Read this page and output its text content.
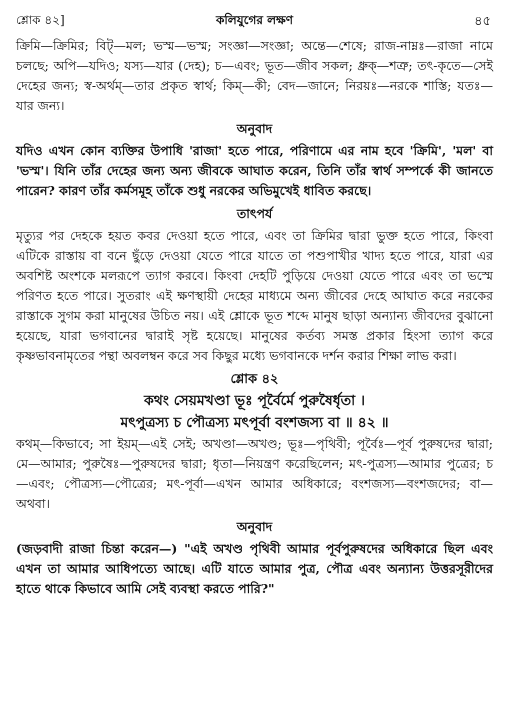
শ্লোক ৪২]	কলিযুগের লক্ষণ	৪৫

ক্রিমি—ক্রিমির; বিট্—মল; ভস্ম—ভস্ম; সংজ্ঞা—সংজ্ঞা; অন্তে—শেষে; রাজ-নাম্নঃ—রাজা নামে চলছে; অপি—যদিও; যস্য—যার (দেহ); চ—এবং; ভূত—জীব সকল; ধ্রুক্—শত্রু; তৎ-কৃতে—সেই দেহের জন্য; স্ব-অর্থম্—তার প্রকৃত স্বার্থ; কিম্—কী; বেদ—জানে; নিরয়ঃ—নরকে শাস্তি; যতঃ—যার জন্য।

অনুবাদ

যদিও এখন কোন ব্যক্তির উপাধি 'রাজা' হতে পারে, পরিণামে এর নাম হবে 'ক্রিমি', 'মল' বা 'ভস্ম'। যিনি তাঁর দেহের জন্য অন্য জীবকে আঘাত করেন, তিনি তাঁর স্বার্থ সম্পর্কে কী জানতে পারেন? কারণ তাঁর কর্মসমূহ তাঁকে শুধু নরকের অভিমুখেই ধাবিত করছে।

তাৎপর্য

মৃত্যুর পর দেহকে হয়ত কবর দেওয়া হতে পারে, এবং তা ক্রিমির দ্বারা ভুক্ত হতে পারে, কিংবা এটিকে রাস্তায় বা বনে ছুঁড়ে দেওয়া যেতে পারে যাতে তা পশুপাখীর খাদ্য হতে পারে, যারা এর অবশিষ্ট অংশকে মলরূপে ত্যাগ করবে। কিংবা দেহটি পুড়িয়ে দেওয়া যেতে পারে এবং তা ভস্মে পরিণত হতে পারে। সুতরাং এই ক্ষণস্থায়ী দেহের মাধ্যমে অন্য জীবের দেহে আঘাত করে নরকের রাস্তাকে সুগম করা মানুষের উচিত নয়। এই শ্লোকে ভূত শব্দে মানুষ ছাড়া অন্যান্য জীবদের বুঝানো হয়েছে, যারা ভগবানের দ্বারাই সৃষ্ট হয়েছে। মানুষের কর্তব্য সমস্ত প্রকার হিংসা ত্যাগ করে কৃষ্ণভাবনামৃতের পন্থা অবলম্বন করে সব কিছুর মধ্যে ভগবানকে দর্শন করার শিক্ষা লাভ করা।

শ্লোক ৪২

কথং সেয়মখণ্ডা ভূঃ পূর্বৈর্মে পুরুষৈর্ধৃতা ।

মৎপুত্রস্য চ পৌত্রস্য মৎপূর্বা বংশজস্য বা ॥ ৪২ ॥

কথম্—কিভাবে; সা ইয়ম্—এই সেই; অখণ্ডা—অখণ্ড; ভূঃ—পৃথিবী; পূর্বৈঃ—পূর্ব পুরুষদের দ্বারা; মে—আমার; পুরুষৈঃ—পুরুষদের দ্বারা; ধৃতা—নিয়ন্ত্রণ করেছিলেন; মৎ-পুত্রস্য—আমার পুত্রের; চ—এবং; পৌত্রস্য—পৌত্রের; মৎ-পূর্বা—এখন আমার অধিকারে; বংশজস্য—বংশজদের; বা—অথবা।

অনুবাদ

(জড়বাদী রাজা চিন্তা করেন—) "এই অখণ্ড পৃথিবী আমার পূর্বপুরুষদের অধিকারে ছিল এবং এখন তা আমার আধিপত্যে আছে। এটি যাতে আমার পুত্র, পৌত্র এবং অন্যান্য উত্তরসূরীদের হাতে থাকে কিভাবে আমি সেই ব্যবস্থা করতে পারি?"
